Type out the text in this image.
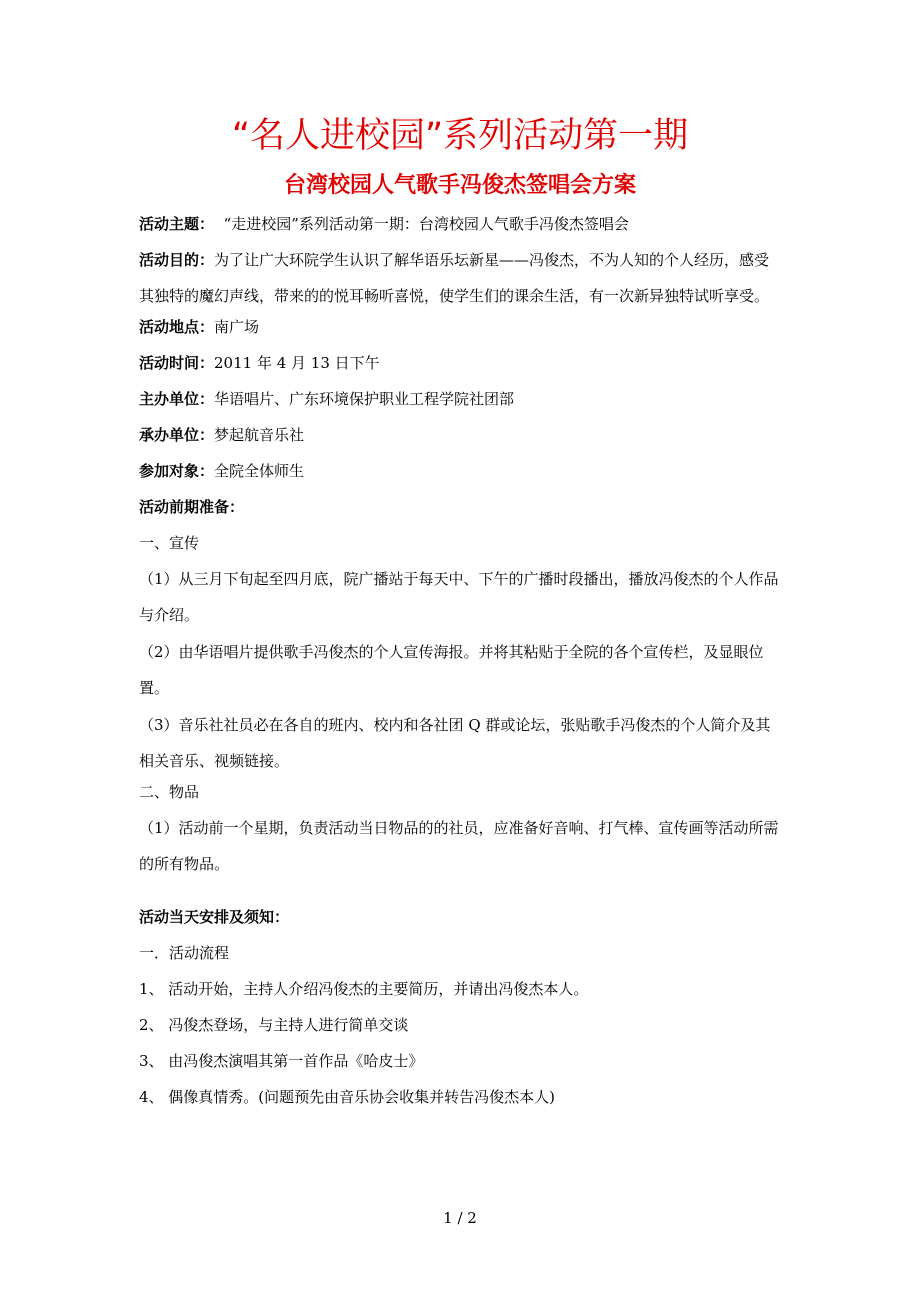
“名人进校园”系列活动第一期
台湾校园人气歌手冯俊杰签唱会方案
活动主题：  “走进校园”系列活动第一期：台湾校园人气歌手冯俊杰签唱会
活动目的：为了让广大环院学生认识了解华语乐坛新星——冯俊杰，不为人知的个人经历，感受其独特的魔幻声线，带来的的悦耳畅听喜悦，使学生们的课余生活，有一次新异独特试听享受。
活动地点：南广场
活动时间：2011 年 4 月 13 日下午
主办单位：华语唱片、广东环境保护职业工程学院社团部
承办单位：梦起航音乐社
参加对象：全院全体师生
活动前期准备：
一、宣传
（1）从三月下旬起至四月底，院广播站于每天中、下午的广播时段播出，播放冯俊杰的个人作品与介绍。
（2）由华语唱片提供歌手冯俊杰的个人宣传海报。并将其粘贴于全院的各个宣传栏，及显眼位置。
（3）音乐社社员必在各自的班内、校内和各社团 Q 群或论坛，张贴歌手冯俊杰的个人简介及其相关音乐、视频链接。
二、物品
（1）活动前一个星期，负责活动当日物品的的社员，应准备好音响、打气棒、宣传画等活动所需的所有物品。
活动当天安排及须知：
一．活动流程
1、 活动开始，主持人介绍冯俊杰的主要简历，并请出冯俊杰本人。
2、 冯俊杰登场，与主持人进行简单交谈
3、 由冯俊杰演唱其第一首作品《哈皮士》
4、 偶像真情秀。(问题预先由音乐协会收集并转告冯俊杰本人)
1 / 2
